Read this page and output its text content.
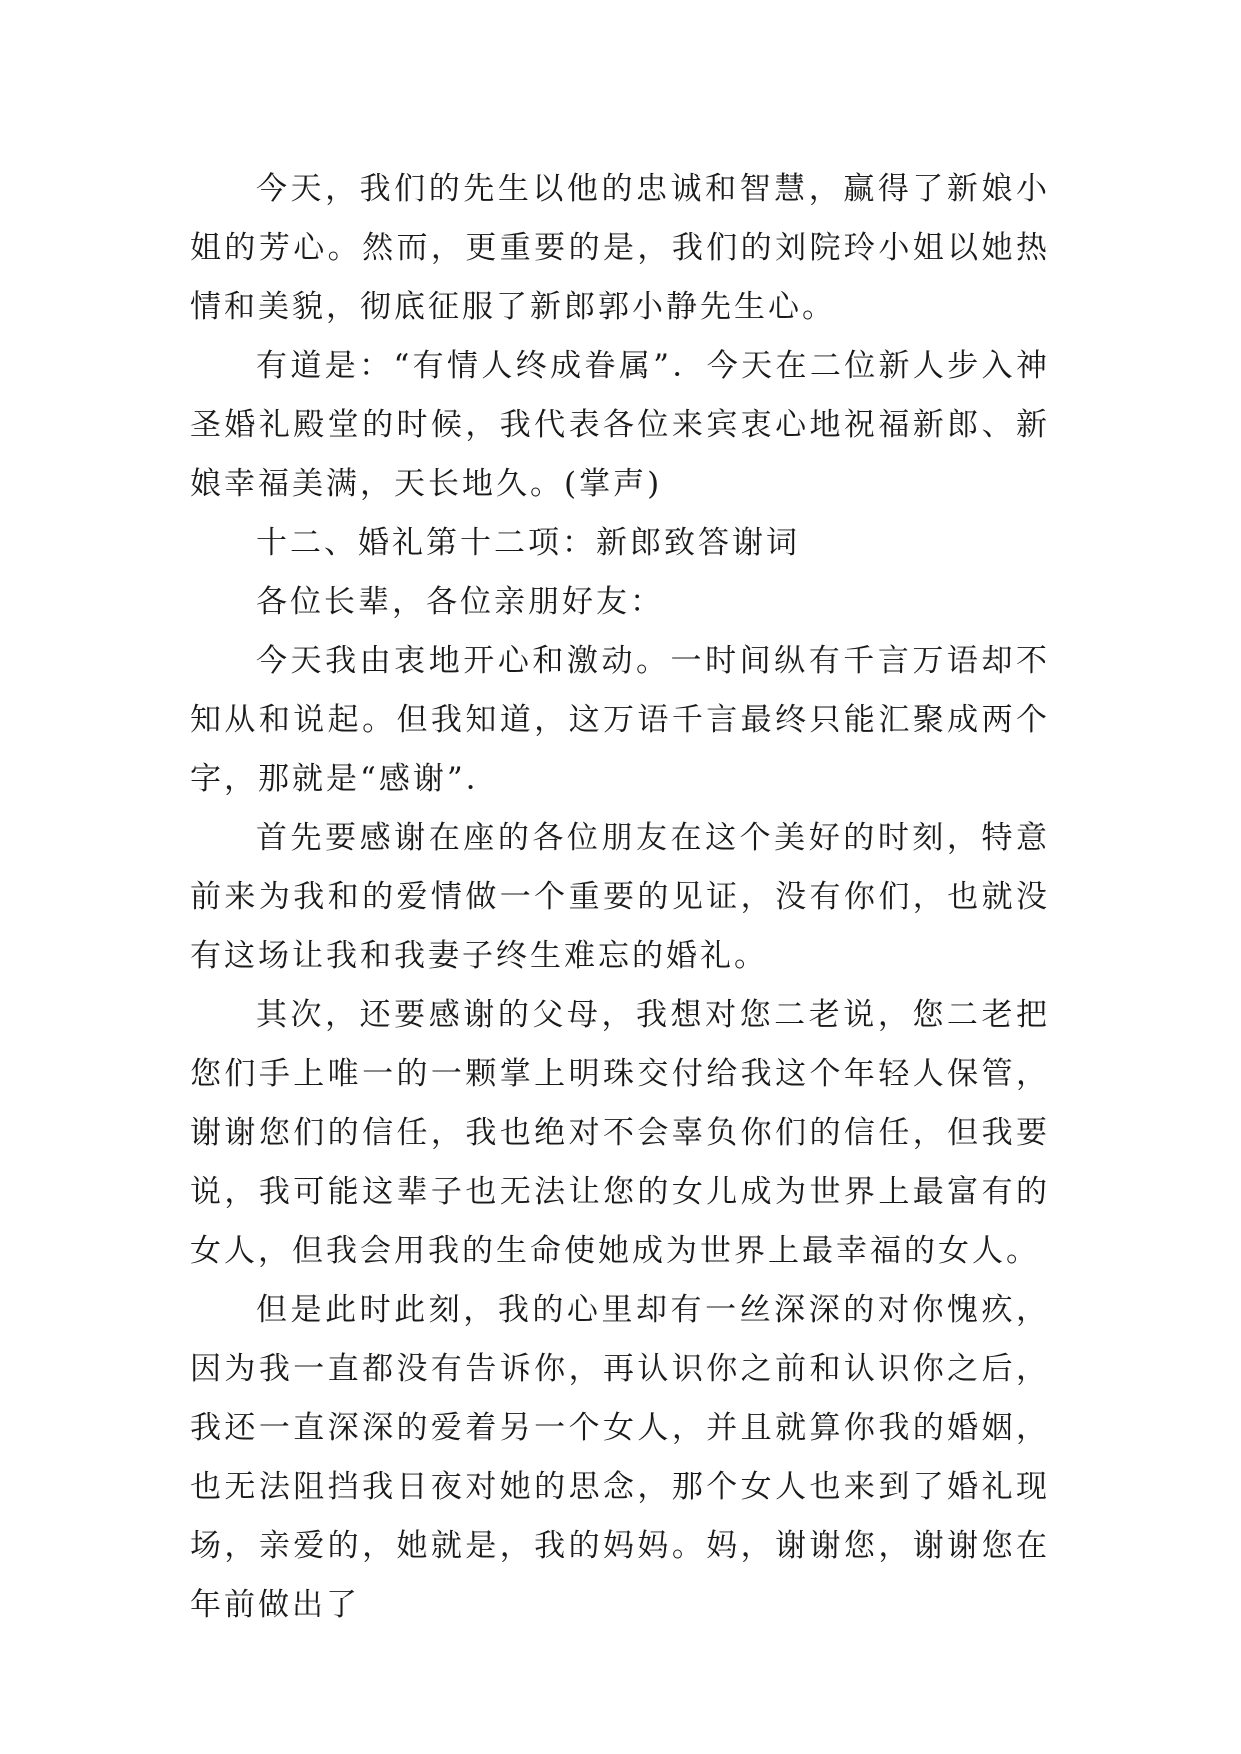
今天，我们的先生以他的忠诚和智慧，赢得了新娘小姐的芳心。然而，更重要的是，我们的刘院玲小姐以她热情和美貌，彻底征服了新郎郭小静先生心。

有道是：“有情人终成眷属”．今天在二位新人步入神圣婚礼殿堂的时候，我代表各位来宾衷心地祝福新郎、新娘幸福美满，天长地久。(掌声)

十二、婚礼第十二项：新郎致答谢词

各位长辈，各位亲朋好友：

今天我由衷地开心和激动。一时间纵有千言万语却不知从和说起。但我知道，这万语千言最终只能汇聚成两个字，那就是“感谢”．

首先要感谢在座的各位朋友在这个美好的时刻，特意前来为我和的爱情做一个重要的见证，没有你们，也就没有这场让我和我妻子终生难忘的婚礼。

其次，还要感谢的父母，我想对您二老说，您二老把您们手上唯一的一颗掌上明珠交付给我这个年轻人保管，谢谢您们的信任，我也绝对不会辜负你们的信任，但我要说，我可能这辈子也无法让您的女儿成为世界上最富有的女人，但我会用我的生命使她成为世界上最幸福的女人。

但是此时此刻，我的心里却有一丝深深的对你愧疚，因为我一直都没有告诉你，再认识你之前和认识你之后，我还一直深深的爱着另一个女人，并且就算你我的婚姻，也无法阻挡我日夜对她的思念，那个女人也来到了婚礼现场，亲爱的，她就是，我的妈妈。妈，谢谢您，谢谢您在年前做出了
